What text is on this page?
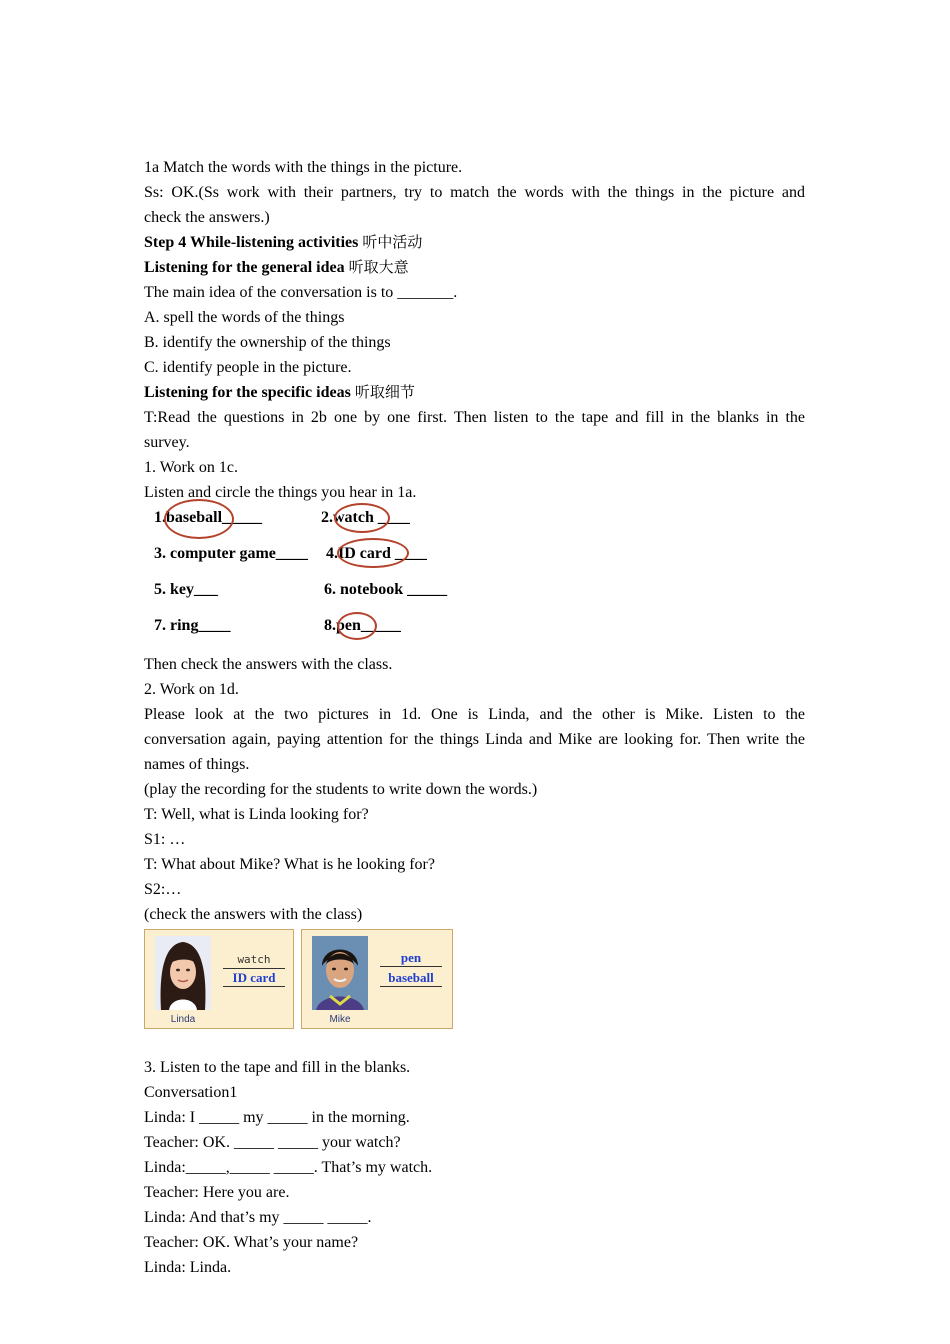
1a Match the words with the things in the picture.
Ss: OK.(Ss work with their partners, try to match the words with the things in the picture and
check the answers.)
Step 4 While-listening activities 听中活动
Listening for the general idea 听取大意
The main idea of the conversation is to _______.
A. spell the words of the things
B. identify the ownership of the things
C. identify people in the picture.
Listening for the specific ideas 听取细节
T:Read the questions in 2b one by one first. Then listen to the tape and fill in the blanks in the
survey.
1. Work on 1c.
Listen and circle the things you hear in 1a.
1.baseball_____	2.watch ____
3. computer game____ 4.ID card ____
5. key___	6. notebook _____
7. ring____	8.pen_____
Then check the answers with the class.
2. Work on 1d.
Please look at the two pictures in 1d. One is Linda, and the other is Mike. Listen to the
conversation again, paying attention for the things Linda and Mike are looking for. Then write the
names of things.
(play the recording for the students to write down the words.)
T: Well, what is Linda looking for?
S1: …
T: What about Mike? What is he looking for?
S2:…
(check the answers with the class)
Linda
watch
ID card
Mike
pen
baseball
3. Listen to the tape and fill in the blanks.
Conversation1
Linda: I _____ my _____ in the morning.
Teacher: OK. _____ _____ your watch?
Linda:_____,_____ _____. That’s my watch.
Teacher: Here you are.
Linda: And that’s my _____ _____.
Teacher: OK. What’s your name?
Linda: Linda.
